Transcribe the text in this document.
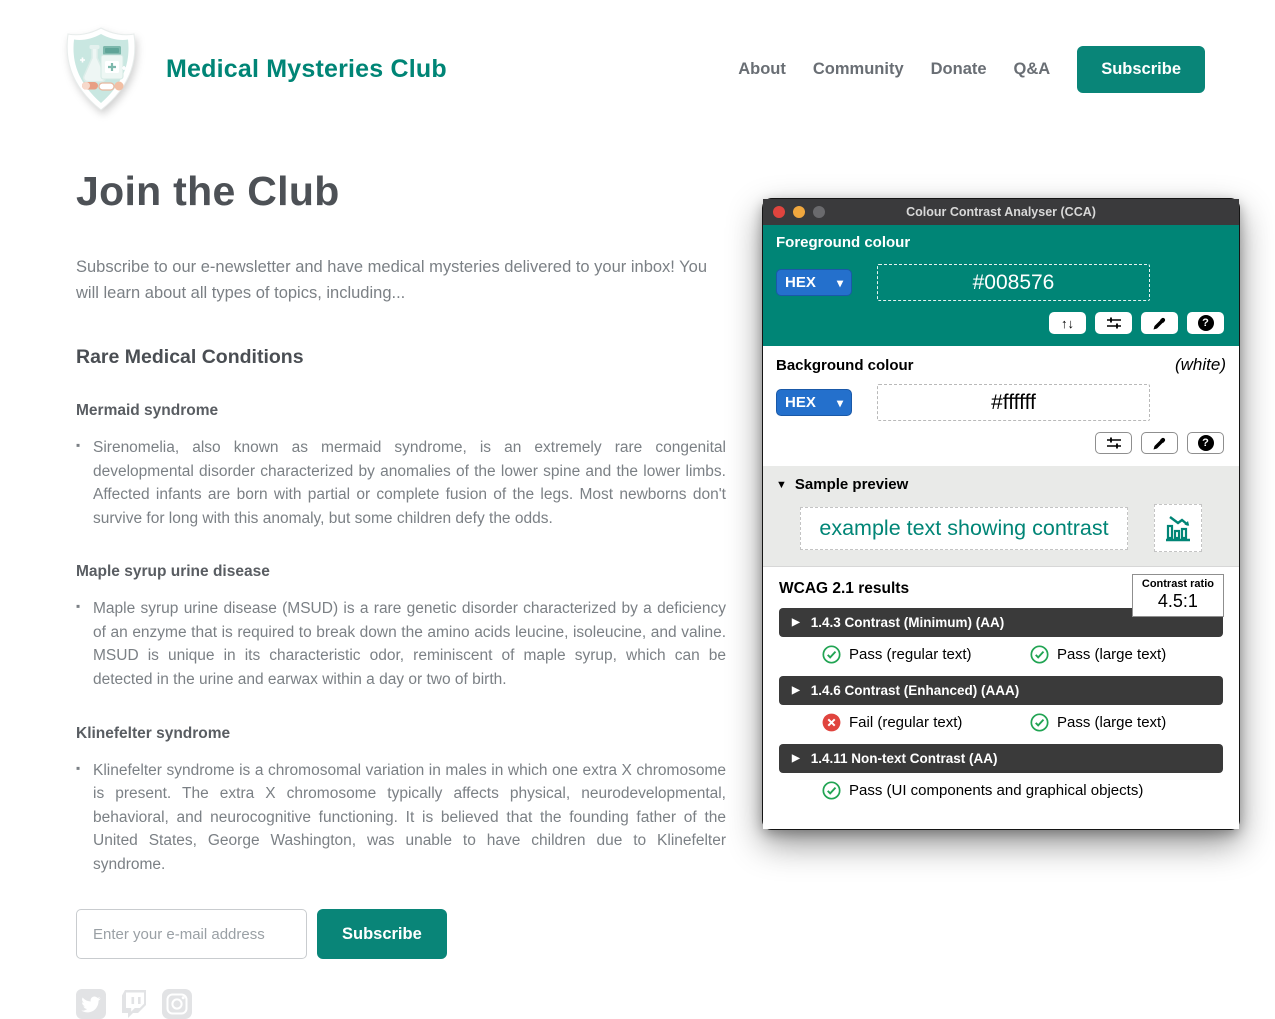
Medical Mysteries Club	About Community Donate Q&A	Subscribe
Join the Club

Subscribe to our e-newsletter and have medical mysteries delivered to your inbox! You will learn about all types of topics, including...

Rare Medical Conditions
Mermaid syndrome
▪ Sirenomelia, also known as mermaid syndrome, is an extremely rare congenital developmental disorder characterized by anomalies of the lower spine and the lower limbs. Affected infants are born with partial or complete fusion of the legs. Most newborns don't survive for long with this anomaly, but some children defy the odds.
Maple syrup urine disease
▪ Maple syrup urine disease (MSUD) is a rare genetic disorder characterized by a deficiency of an enzyme that is required to break down the amino acids leucine, isoleucine, and valine. MSUD is unique in its characteristic odor, reminiscent of maple syrup, which can be detected in the urine and earwax within a day or two of birth.
Klinefelter syndrome
▪ Klinefelter syndrome is a chromosomal variation in males in which one extra X chromosome is present. The extra X chromosome typically affects physical, neurodevelopmental, behavioral, and neurocognitive functioning. It is believed that the founding father of the United States, George Washington, was unable to have children due to Klinefelter syndrome.
Enter your e-mail address
Subscribe
Colour Contrast Analyser (CCA)
Foreground colour
HEX ▾
#008576
↑↓	?
Background colour	(white)
HEX ▾
#ffffff
?
▼ Sample preview
example text showing contrast
WCAG 2.1 results	Contrast ratio
4.5:1
▶ 1.4.3 Contrast (Minimum) (AA)
Pass (regular text)	Pass (large text)
▶ 1.4.6 Contrast (Enhanced) (AAA)
Fail (regular text)	Pass (large text)
▶ 1.4.11 Non-text Contrast (AA)
Pass (UI components and graphical objects)
